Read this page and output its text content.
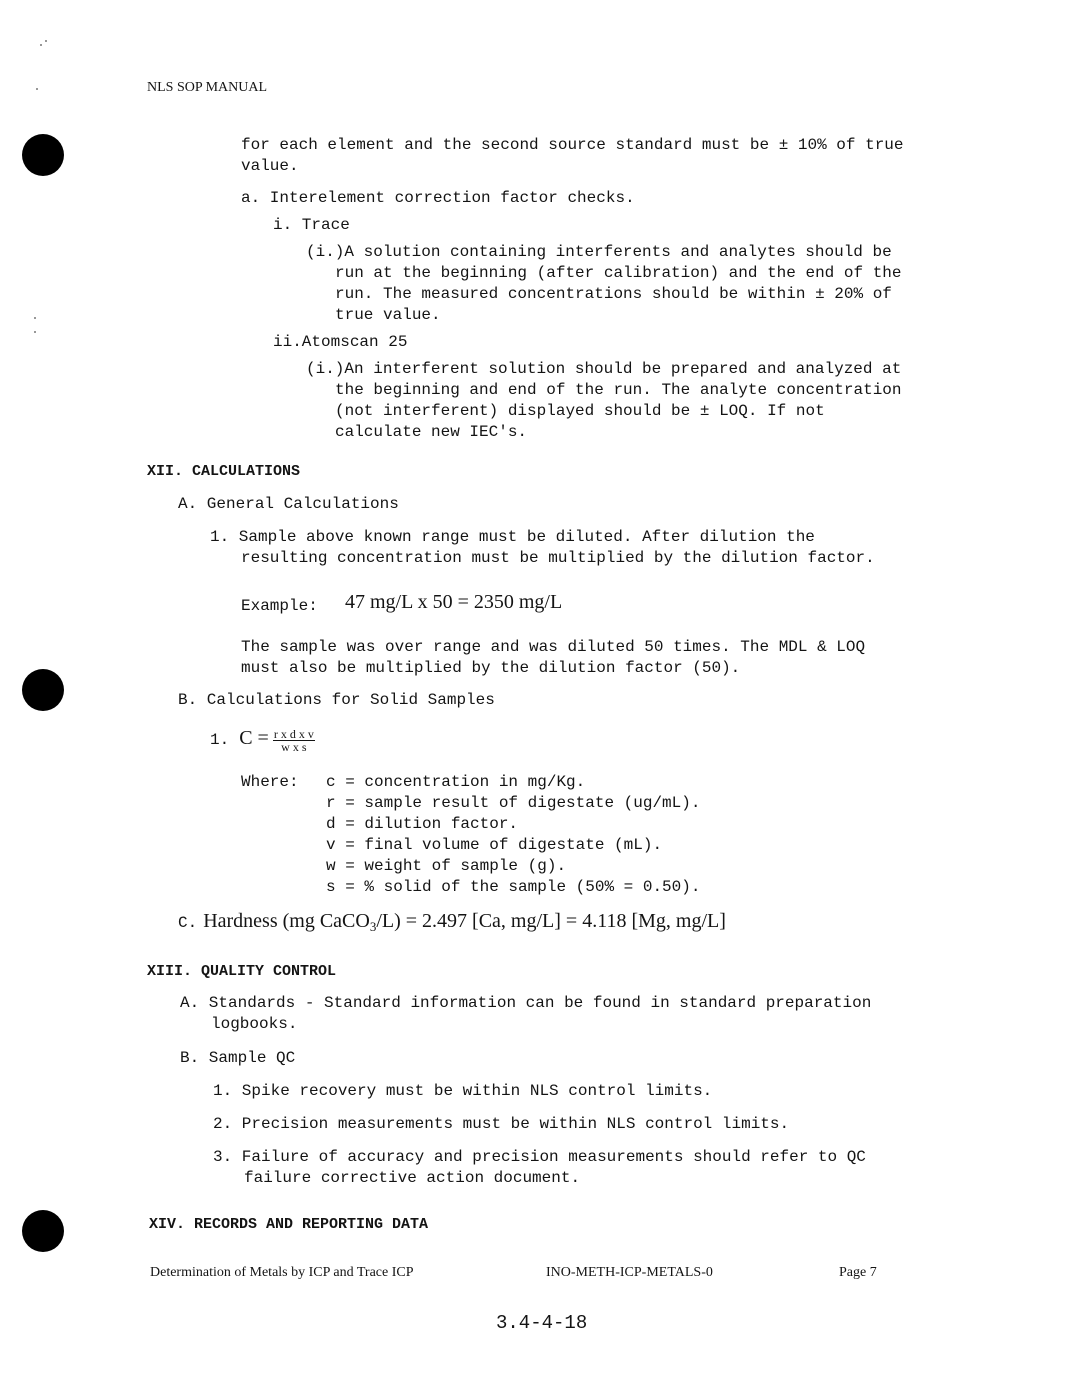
NLS SOP MANUAL
for each element and the second source standard must be ± 10% of true
value.
a. Interelement correction factor checks.
i. Trace
(i.)A solution containing interferents and analytes should be
run at the beginning (after calibration) and the end of the
run. The measured concentrations should be within ± 20% of
true value.
ii.Atomscan 25
(i.)An interferent solution should be prepared and analyzed at
the beginning and end of the run. The analyte concentration
(not interferent) displayed should be ± LOQ. If not
calculate new IEC's.
XII. CALCULATIONS
A. General Calculations
1. Sample above known range must be diluted. After dilution the
resulting concentration must be multiplied by the dilution factor.
Example: 47 mg/L x 50 = 2350 mg/L
The sample was over range and was diluted 50 times. The MDL & LOQ
must also be multiplied by the dilution factor (50).
B. Calculations for Solid Samples
1. $C = \frac{\text{r x d x v}}{\text{w x s}}$
Where: c = concentration in mg/Kg.
r = sample result of digestate (ug/mL).
d = dilution factor.
v = final volume of digestate (mL).
w = weight of sample (g).
s = % solid of the sample (50% = 0.50).
C. Hardness (mg CaCO$_3$/L) = 2.497 [Ca, mg/L] = 4.118 [Mg, mg/L]
XIII. QUALITY CONTROL
A. Standards - Standard information can be found in standard preparation
logbooks.
B. Sample QC
1. Spike recovery must be within NLS control limits.
2. Precision measurements must be within NLS control limits.
3. Failure of accuracy and precision measurements should refer to QC
failure corrective action document.
XIV. RECORDS AND REPORTING DATA
Determination of Metals by ICP and Trace ICP	INO-METH-ICP-METALS-0	Page 7
3.4-4-18
